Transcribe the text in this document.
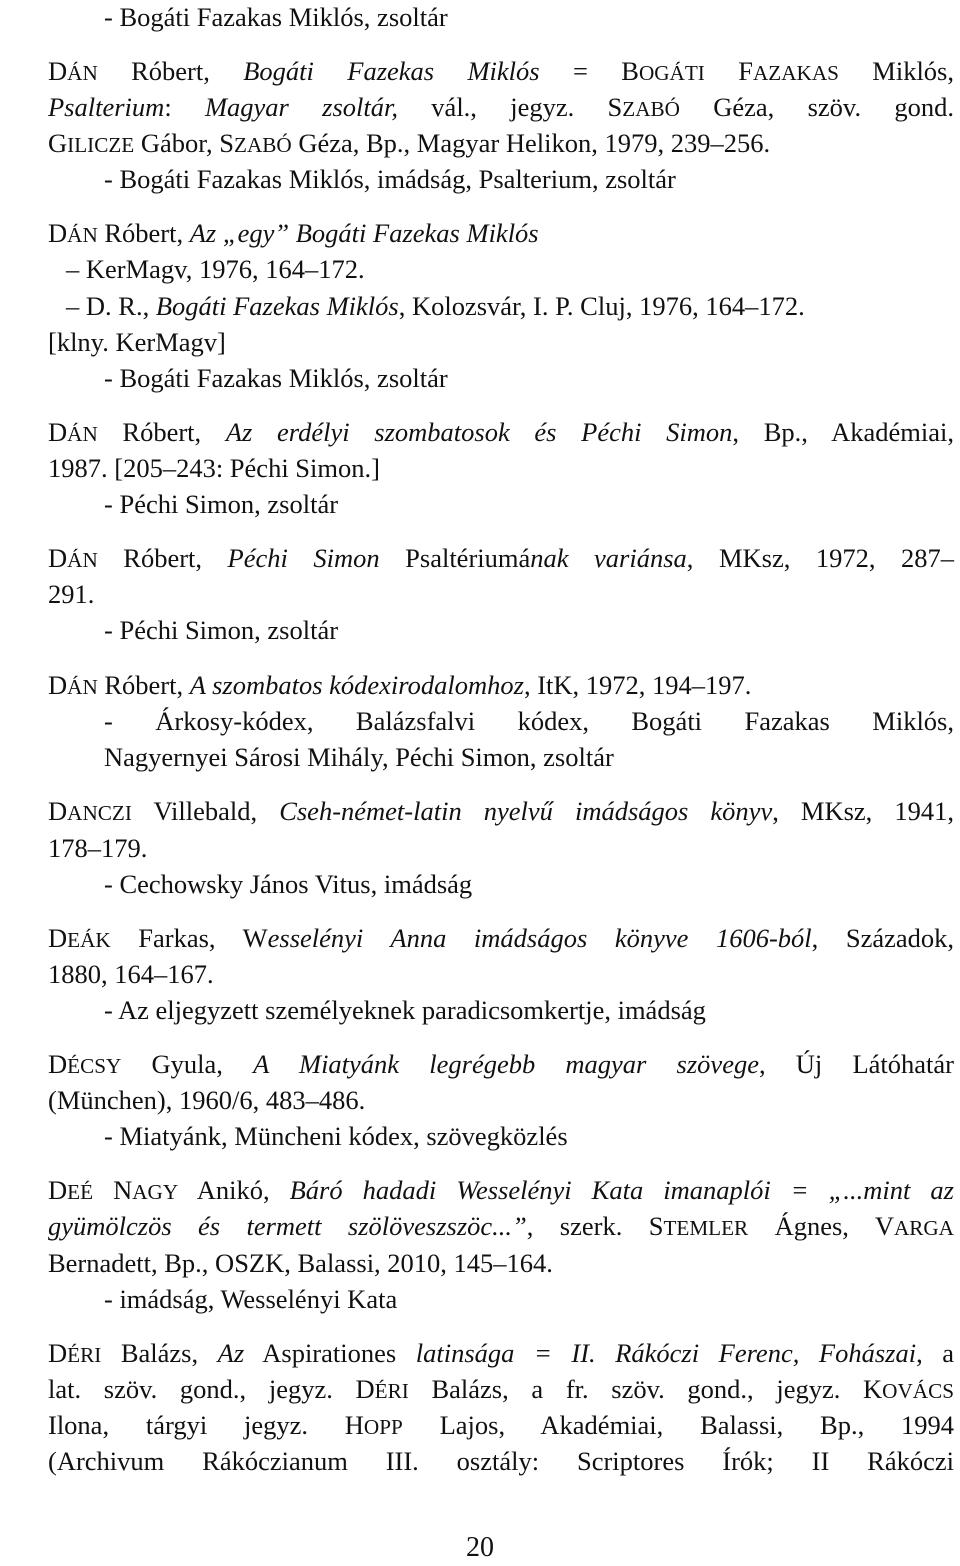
- Bogáti Fazakas Miklós, zsoltár
DÁN Róbert, Bogáti Fazekas Miklós = BOGÁTI FAZAKAS Miklós,
Psalterium: Magyar zsoltár, vál., jegyz. SZABÓ Géza, szöv. gond.
GILICZE Gábor, SZABÓ Géza, Bp., Magyar Helikon, 1979, 239–256.
- Bogáti Fazakas Miklós, imádság, Psalterium, zsoltár
DÁN Róbert, Az „egy” Bogáti Fazekas Miklós
– KerMagv, 1976, 164–172.
– D. R., Bogáti Fazekas Miklós, Kolozsvár, I. P. Cluj, 1976, 164–172.
[klny. KerMagv]
- Bogáti Fazakas Miklós, zsoltár
DÁN Róbert, Az erdélyi szombatosok és Péchi Simon, Bp., Akadémiai,
1987. [205–243: Péchi Simon.]
- Péchi Simon, zsoltár
DÁN Róbert, Péchi Simon Psaltériumának variánsa, MKsz, 1972, 287–
291.
- Péchi Simon, zsoltár
DÁN Róbert, A szombatos kódexirodalomhoz, ItK, 1972, 194–197.
- Árkosy-kódex, Balázsfalvi kódex, Bogáti Fazakas Miklós,
Nagyernyei Sárosi Mihály, Péchi Simon, zsoltár
DANCZI Villebald, Cseh-német-latin nyelvű imádságos könyv, MKsz, 1941,
178–179.
- Cechowsky János Vitus, imádság
DEÁK Farkas, Wesselényi Anna imádságos könyve 1606-ból, Századok,
1880, 164–167.
- Az eljegyzett személyeknek paradicsomkertje, imádság
DÉCSY Gyula, A Miatyánk legrégebb magyar szövege, Új Látóhatár
(München), 1960/6, 483–486.
- Miatyánk, Müncheni kódex, szövegközlés
DEÉ NAGY Anikó, Báró hadadi Wesselényi Kata imanaplói = „...mint az
gyümölczös és termett szölöveszszöc...”, szerk. STEMLER Ágnes, VARGA
Bernadett, Bp., OSZK, Balassi, 2010, 145–164.
- imádság, Wesselényi Kata
DÉRI Balázs, Az Aspirationes latinsága = II. Rákóczi Ferenc, Fohászai, a
lat. szöv. gond., jegyz. DÉRI Balázs, a fr. szöv. gond., jegyz. KOVÁCS
Ilona, tárgyi jegyz. HOPP Lajos, Akadémiai, Balassi, Bp., 1994
(Archivum Rákóczianum III. osztály: Scriptores Írók; II Rákóczi
20
